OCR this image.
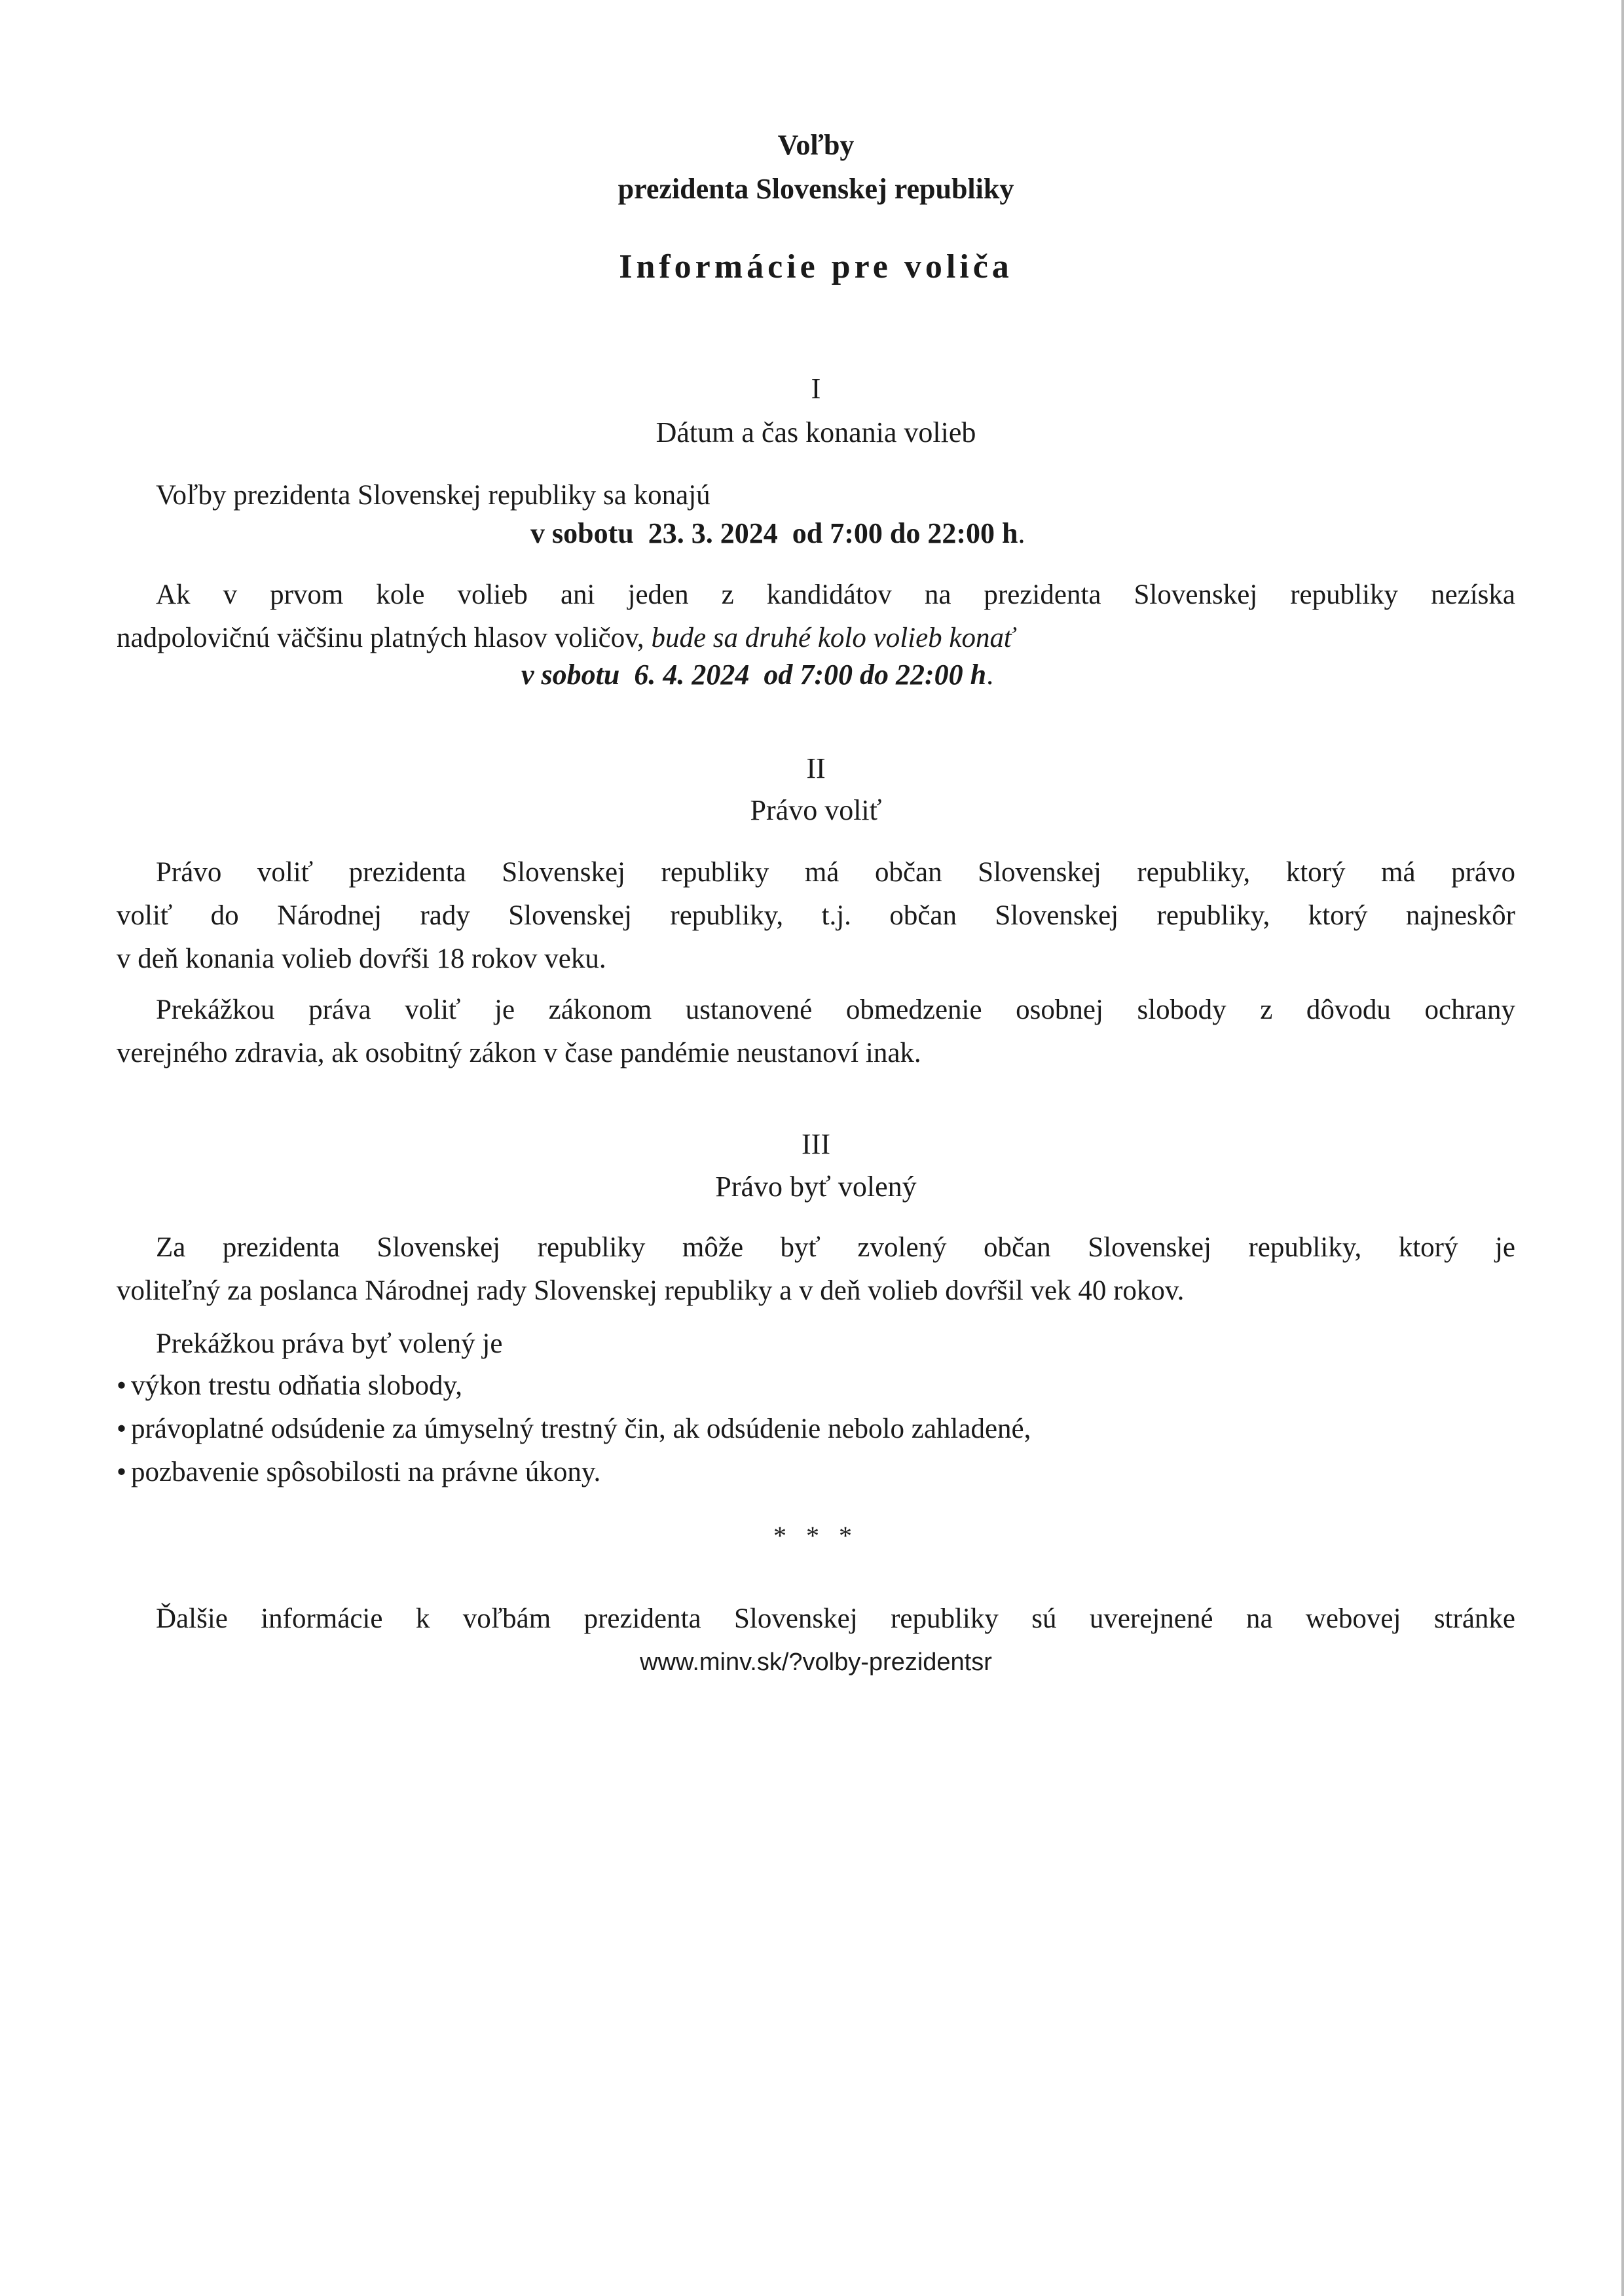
Voľby
prezidenta Slovenskej republiky
Informácie pre voliča
I
Dátum a čas konania volieb
Voľby prezidenta Slovenskej republiky sa konajú
v sobotu 23. 3. 2024 od 7:00 do 22:00 h.
Ak v prvom kole volieb ani jeden z kandidátov na prezidenta Slovenskej republiky nezíska
nadpolovičnú väčšinu platných hlasov voličov, bude sa druhé kolo volieb konať
v sobotu 6. 4. 2024 od 7:00 do 22:00 h.
II
Právo voliť
Právo voliť prezidenta Slovenskej republiky má občan Slovenskej republiky, ktorý má právo
voliť do Národnej rady Slovenskej republiky, t.j. občan Slovenskej republiky, ktorý najneskôr
v deň konania volieb dovŕši 18 rokov veku.
Prekážkou práva voliť je zákonom ustanovené obmedzenie osobnej slobody z dôvodu ochrany
verejného zdravia, ak osobitný zákon v čase pandémie neustanoví inak.
III
Právo byť volený
Za prezidenta Slovenskej republiky môže byť zvolený občan Slovenskej republiky, ktorý je
voliteľný za poslanca Národnej rady Slovenskej republiky a v deň volieb dovŕšil vek 40 rokov.
Prekážkou práva byť volený je
• výkon trestu odňatia slobody,
• právoplatné odsúdenie za úmyselný trestný čin, ak odsúdenie nebolo zahladené,
• pozbavenie spôsobilosti na právne úkony.
* * *
Ďalšie informácie k voľbám prezidenta Slovenskej republiky sú uverejnené na webovej stránke
www.minv.sk/?volby-prezidentsr
